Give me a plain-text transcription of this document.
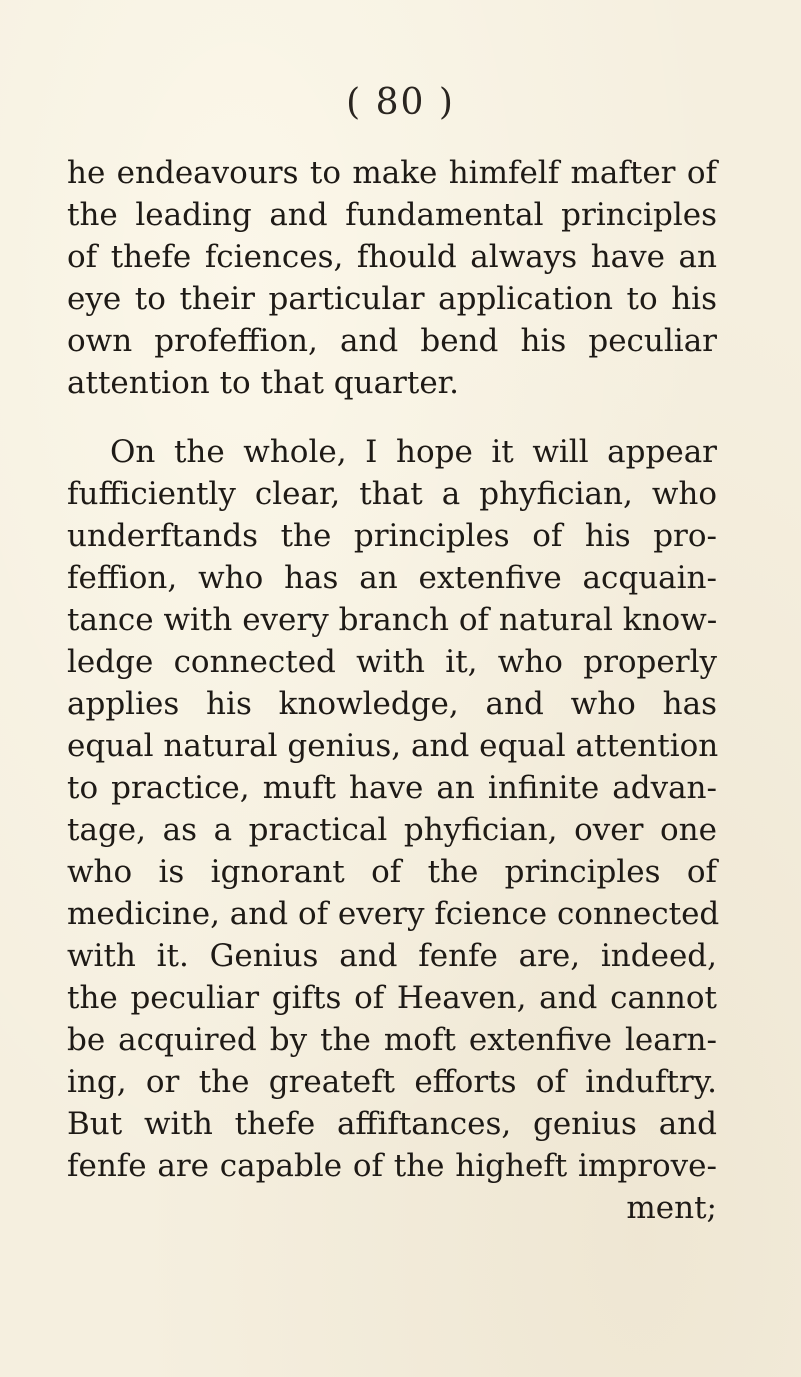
( 80 )
he endeavours to make himfelf mafter of
the leading and fundamental principles
of thefe fciences, fhould always have an
eye to their particular application to his
own profeffion, and bend his peculiar
attention to that quarter.
On the whole, I hope it will appear
fufficiently clear, that a phyfician, who
underftands the principles of his pro-
feffion, who has an extenfive acquain-
tance with every branch of natural know-
ledge connected with it, who properly
applies his knowledge, and who has
equal natural genius, and equal attention
to practice, muft have an infinite advan-
tage, as a practical phyfician, over one
who is ignorant of the principles of
medicine, and of every fcience connected
with it. Genius and fenfe are, indeed,
the peculiar gifts of Heaven, and cannot
be acquired by the moft extenfive learn-
ing, or the greateft efforts of induftry.
But with thefe affiftances, genius and
fenfe are capable of the higheft improve-
ment;
